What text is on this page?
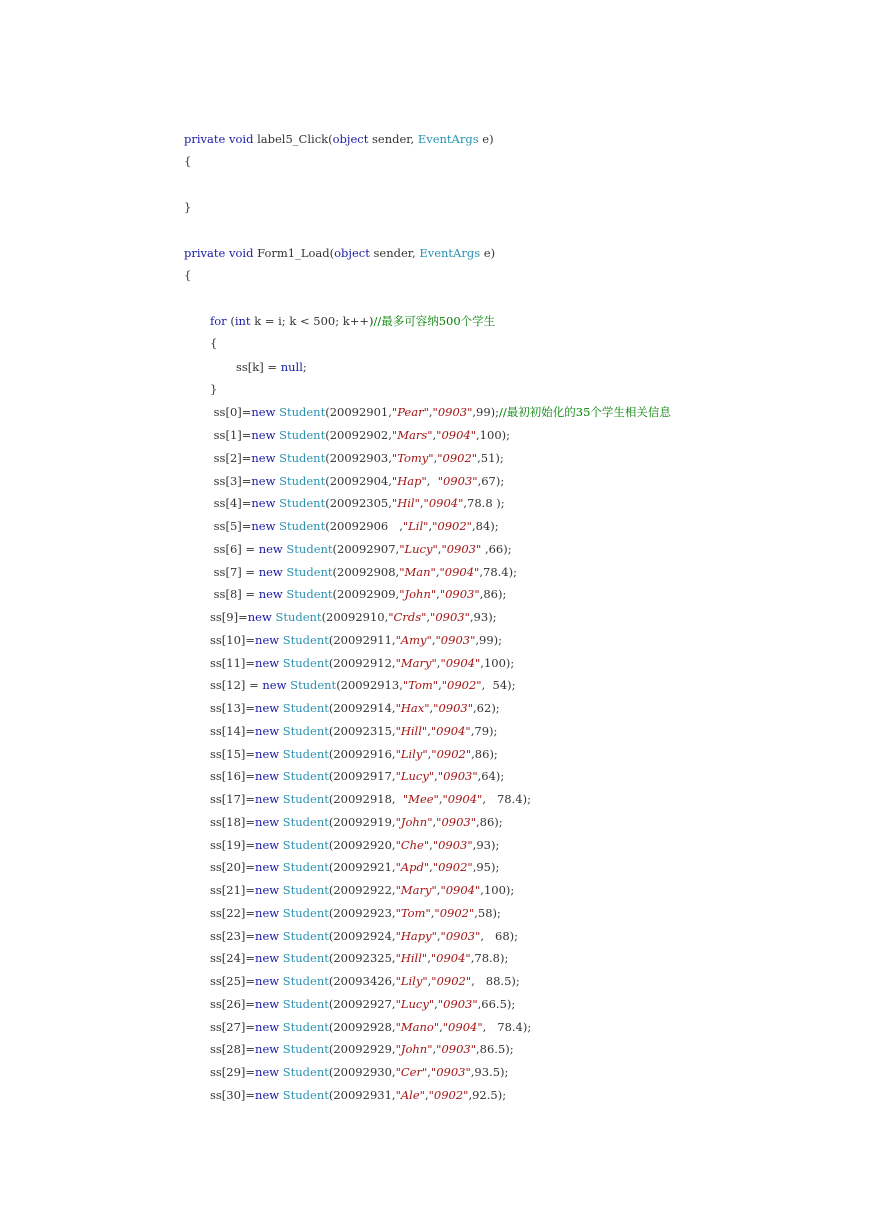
private void label5_Click(object sender, EventArgs e)
{
}
private void Form1_Load(object sender, EventArgs e)
{
for (int k = i; k < 500; k++)//最多可容纳500个学生
{
ss[k] = null;
}
ss[0]=new Student(20092901,"Pear","0903",99);//最初初始化的35个学生相关信息
ss[1]=new Student(20092902,"Mars","0904",100);
ss[2]=new Student(20092903,"Tomy","0902",51);
ss[3]=new Student(20092904,"Hap",  "0903",67);
ss[4]=new Student(20092305,"Hil","0904",78.8 );
ss[5]=new Student(20092906   ,"Lil","0902",84);
ss[6] = new Student(20092907,"Lucy","0903" ,66);
ss[7] = new Student(20092908,"Man","0904",78.4);
ss[8] = new Student(20092909,"John","0903",86);
ss[9]=new Student(20092910,"Crds","0903",93);
ss[10]=new Student(20092911,"Amy","0903",99);
ss[11]=new Student(20092912,"Mary","0904",100);
ss[12] = new Student(20092913,"Tom","0902",  54);
ss[13]=new Student(20092914,"Hax","0903",62);
ss[14]=new Student(20092315,"Hill","0904",79);
ss[15]=new Student(20092916,"Lily","0902",86);
ss[16]=new Student(20092917,"Lucy","0903",64);
ss[17]=new Student(20092918,  "Mee","0904",   78.4);
ss[18]=new Student(20092919,"John","0903",86);
ss[19]=new Student(20092920,"Che","0903",93);
ss[20]=new Student(20092921,"Apd","0902",95);
ss[21]=new Student(20092922,"Mary","0904",100);
ss[22]=new Student(20092923,"Tom","0902",58);
ss[23]=new Student(20092924,"Hapy","0903",   68);
ss[24]=new Student(20092325,"Hill","0904",78.8);
ss[25]=new Student(20093426,"Lily","0902",   88.5);
ss[26]=new Student(20092927,"Lucy","0903",66.5);
ss[27]=new Student(20092928,"Mano","0904",   78.4);
ss[28]=new Student(20092929,"John","0903",86.5);
ss[29]=new Student(20092930,"Cer","0903",93.5);
ss[30]=new Student(20092931,"Ale","0902",92.5);
